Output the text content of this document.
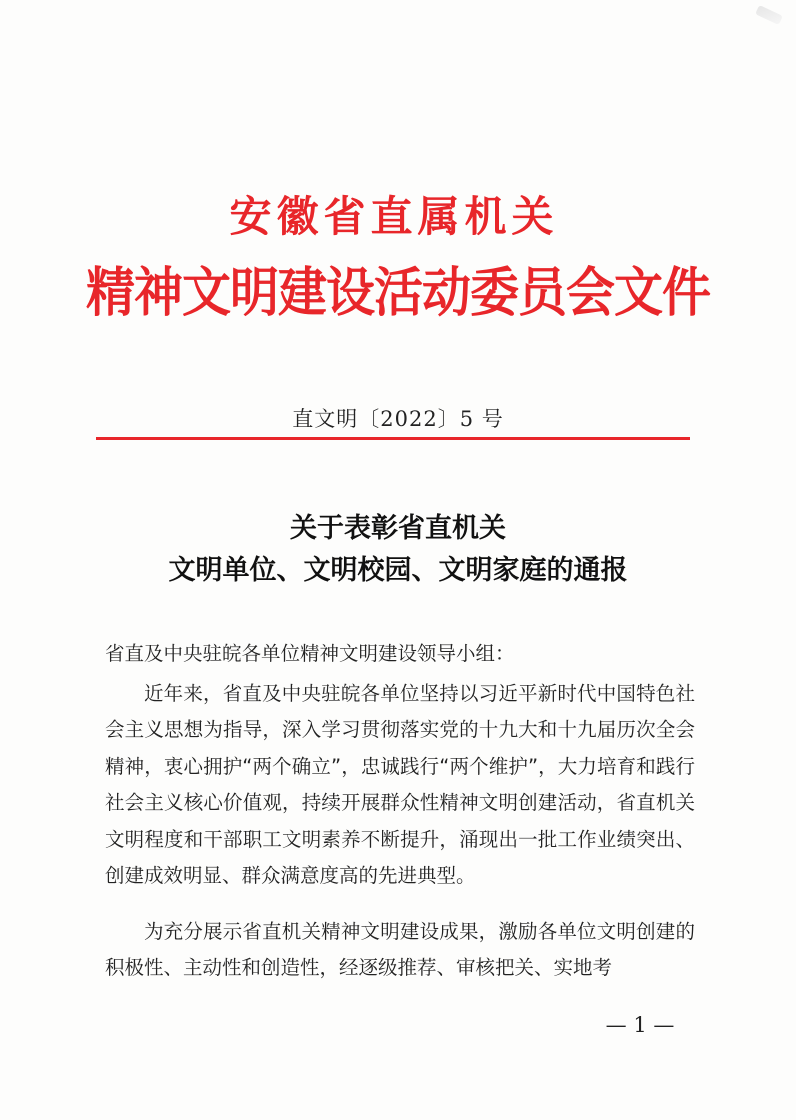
安徽省直属机关
精神文明建设活动委员会文件
直文明〔2022〕5 号
关于表彰省直机关
文明单位、文明校园、文明家庭的通报
省直及中央驻皖各单位精神文明建设领导小组：
近年来，省直及中央驻皖各单位坚持以习近平新时代中国特色社会主义思想为指导，深入学习贯彻落实党的十九大和十九届历次全会精神，衷心拥护“两个确立”，忠诚践行“两个维护”，大力培育和践行社会主义核心价值观，持续开展群众性精神文明创建活动，省直机关文明程度和干部职工文明素养不断提升，涌现出一批工作业绩突出、创建成效明显、群众满意度高的先进典型。
为充分展示省直机关精神文明建设成果，激励各单位文明创建的积极性、主动性和创造性，经逐级推荐、审核把关、实地考
— 1 —
